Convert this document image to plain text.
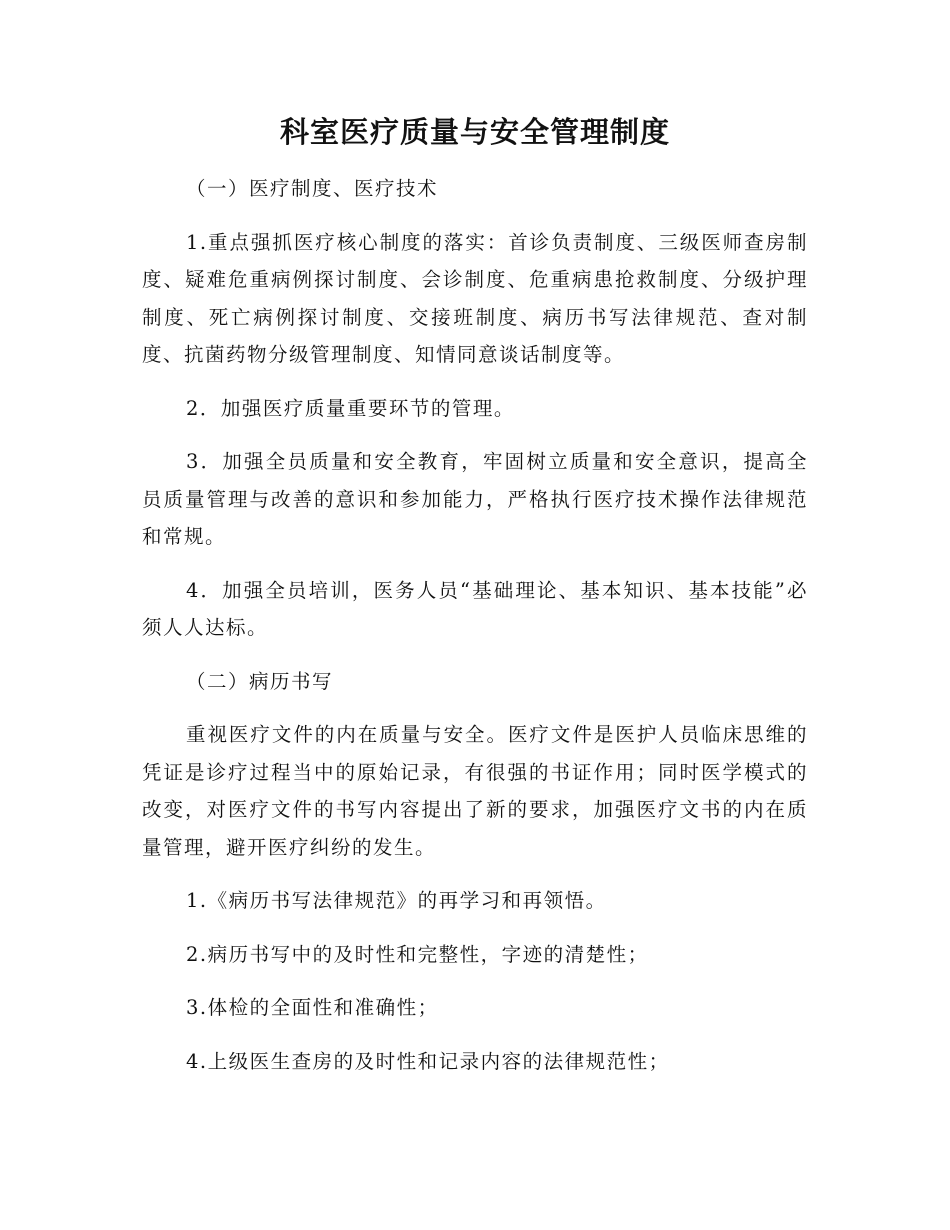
科室医疗质量与安全管理制度

（一）医疗制度、医疗技术

1.重点强抓医疗核心制度的落实：首诊负责制度、三级医师查房制度、疑难危重病例探讨制度、会诊制度、危重病患抢救制度、分级护理制度、死亡病例探讨制度、交接班制度、病历书写法律规范、查对制度、抗菌药物分级管理制度、知情同意谈话制度等。

2．加强医疗质量重要环节的管理。

3．加强全员质量和安全教育，牢固树立质量和安全意识，提高全员质量管理与改善的意识和参加能力，严格执行医疗技术操作法律规范和常规。

4．加强全员培训，医务人员“基础理论、基本知识、基本技能”必须人人达标。

（二）病历书写

重视医疗文件的内在质量与安全。医疗文件是医护人员临床思维的凭证是诊疗过程当中的原始记录，有很强的书证作用；同时医学模式的改变，对医疗文件的书写内容提出了新的要求，加强医疗文书的内在质量管理，避开医疗纠纷的发生。

1.《病历书写法律规范》的再学习和再领悟。

2.病历书写中的及时性和完整性，字迹的清楚性；

3.体检的全面性和准确性；

4.上级医生查房的及时性和记录内容的法律规范性；
